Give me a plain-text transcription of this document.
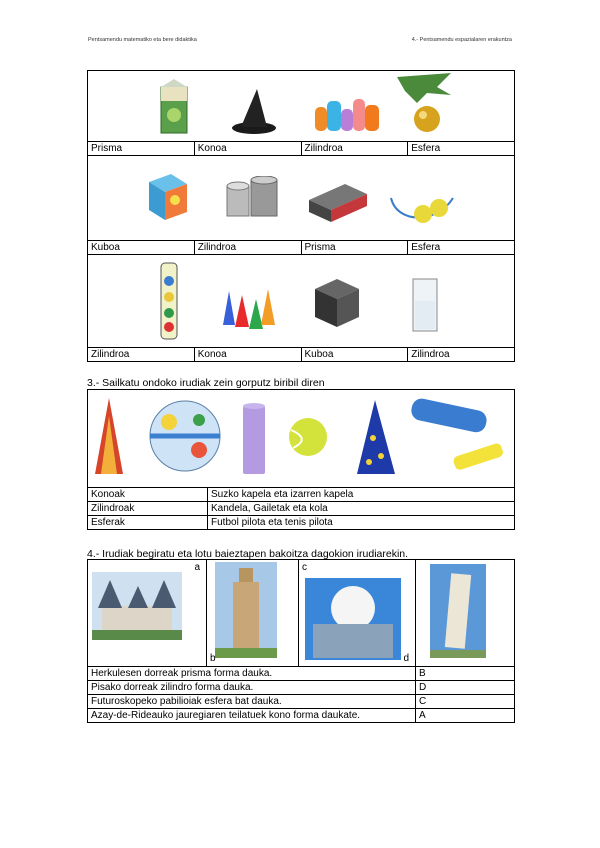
Pentsamendu matematiko eta bere didaktika	4.- Pentsamendu espazialaren erakuntza

Prisma	Konoa	Zilindroa	Esfera

Kuboa	Zilindroa	Prisma	Esfera

Zilindroa	Konoa	Kuboa	Zilindroa
3.- Sailkatu ondoko irudiak zein gorputz biribil diren

Konoak	Suzko kapela eta izarren kapela
Zilindroak	Kandela, Gailetak eta kola
Esferak	Futbol pilota eta tenis pilota
4.- Irudiak begiratu eta lotu baieztapen bakoitza dagokion irudiarekin.
a	b	c
d

Herkulesen dorreak prisma forma dauka.			B
Pisako dorreak zilindro forma dauka.			D
Futuroskopeko pabilioiak esfera bat dauka.			C
Azay-de-Rideauko jauregiaren teilatuek kono forma daukate.			A
